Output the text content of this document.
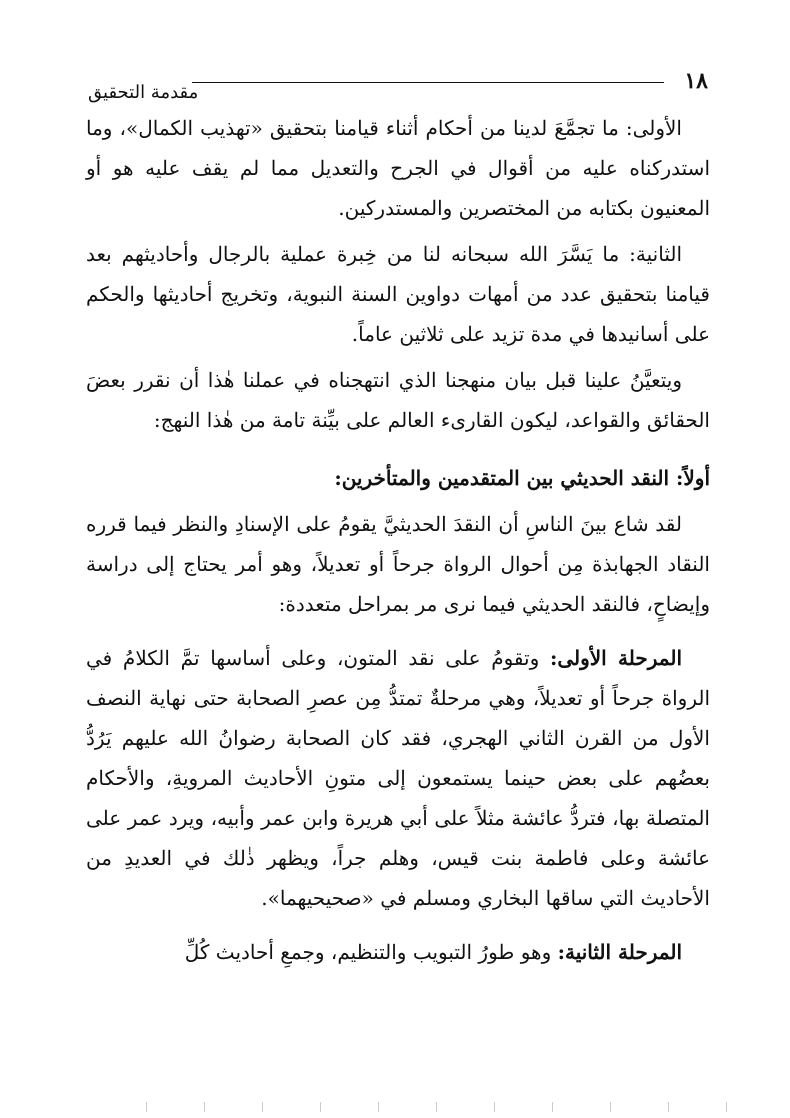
١٨
مقدمة التحقيق

الأولى: ما تجمَّعَ لدينا من أحكام أثناء قيامنا بتحقيق «تهذيب الكمال»، وما استدركناه عليه من أقوال في الجرح والتعديل مما لم يقف عليه هو أو المعنيون بكتابه من المختصرين والمستدركين.

الثانية: ما يَسَّرَ الله سبحانه لنا من خِبرة عملية بالرجال وأحاديثهم بعد قيامنا بتحقيق عدد من أمهات دواوين السنة النبوية، وتخريج أحاديثها والحكم على أسانيدها في مدة تزيد على ثلاثين عاماً.

ويتعيَّنُ علينا قبل بيان منهجنا الذي انتهجناه في عملنا هٰذا أن نقرر بعضَ الحقائق والقواعد، ليكون القارىء العالم على بيِّنة تامة من هٰذا النهج:

أولاً: النقد الحديثي بين المتقدمين والمتأخرين:

لقد شاع بينَ الناسِ أن النقدَ الحديثيَّ يقومُ على الإسنادِ والنظر فيما قرره النقاد الجهابذة مِن أحوال الرواة جرحاً أو تعديلاً، وهو أمر يحتاج إلى دراسة وإيضاحٍ، فالنقد الحديثي فيما نرى مر بمراحل متعددة:

المرحلة الأولى: وتقومُ على نقد المتون، وعلى أساسها تمَّ الكلامُ في الرواة جرحاً أو تعديلاً، وهي مرحلةٌ تمتدُّ مِن عصرِ الصحابة حتى نهاية النصف الأول من القرن الثاني الهجري، فقد كان الصحابة رضوانُ الله عليهم يَرُدُّ بعضُهم على بعض حينما يستمعون إلى متونِ الأحاديث المرويةِ، والأحكام المتصلة بها، فتردُّ عائشة مثلاً على أبي هريرة وابن عمر وأبيه، ويرد عمر على عائشة وعلى فاطمة بنت قيس، وهلم جراً، ويظهر ذٰلك في العديدِ من الأحاديث التي ساقها البخاري ومسلم في «صحيحيهما».

المرحلة الثانية: وهو طورُ التبويب والتنظيم، وجمعِ أحاديث كُلِّ
